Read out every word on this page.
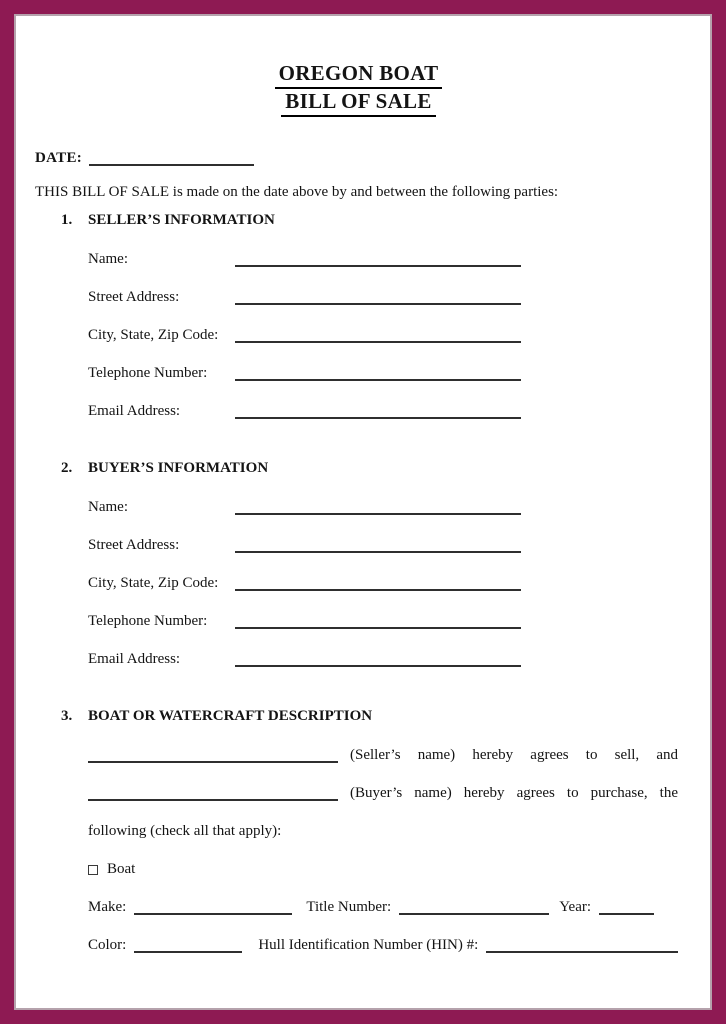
OREGON BOAT
BILL OF SALE
DATE:
THIS BILL OF SALE is made on the date above by and between the following parties:
1.	SELLER’S INFORMATION
Name:
Street Address:
City, State, Zip Code:
Telephone Number:
Email Address:
2.	BUYER’S INFORMATION
Name:
Street Address:
City, State, Zip Code:
Telephone Number:
Email Address:
3.	BOAT OR WATERCRAFT DESCRIPTION
(Seller’s name) hereby agrees to sell, and
(Buyer’s name) hereby agrees to purchase, the
following (check all that apply):
Boat
Make:	Title Number:	Year:
Color:	Hull Identification Number (HIN) #:
